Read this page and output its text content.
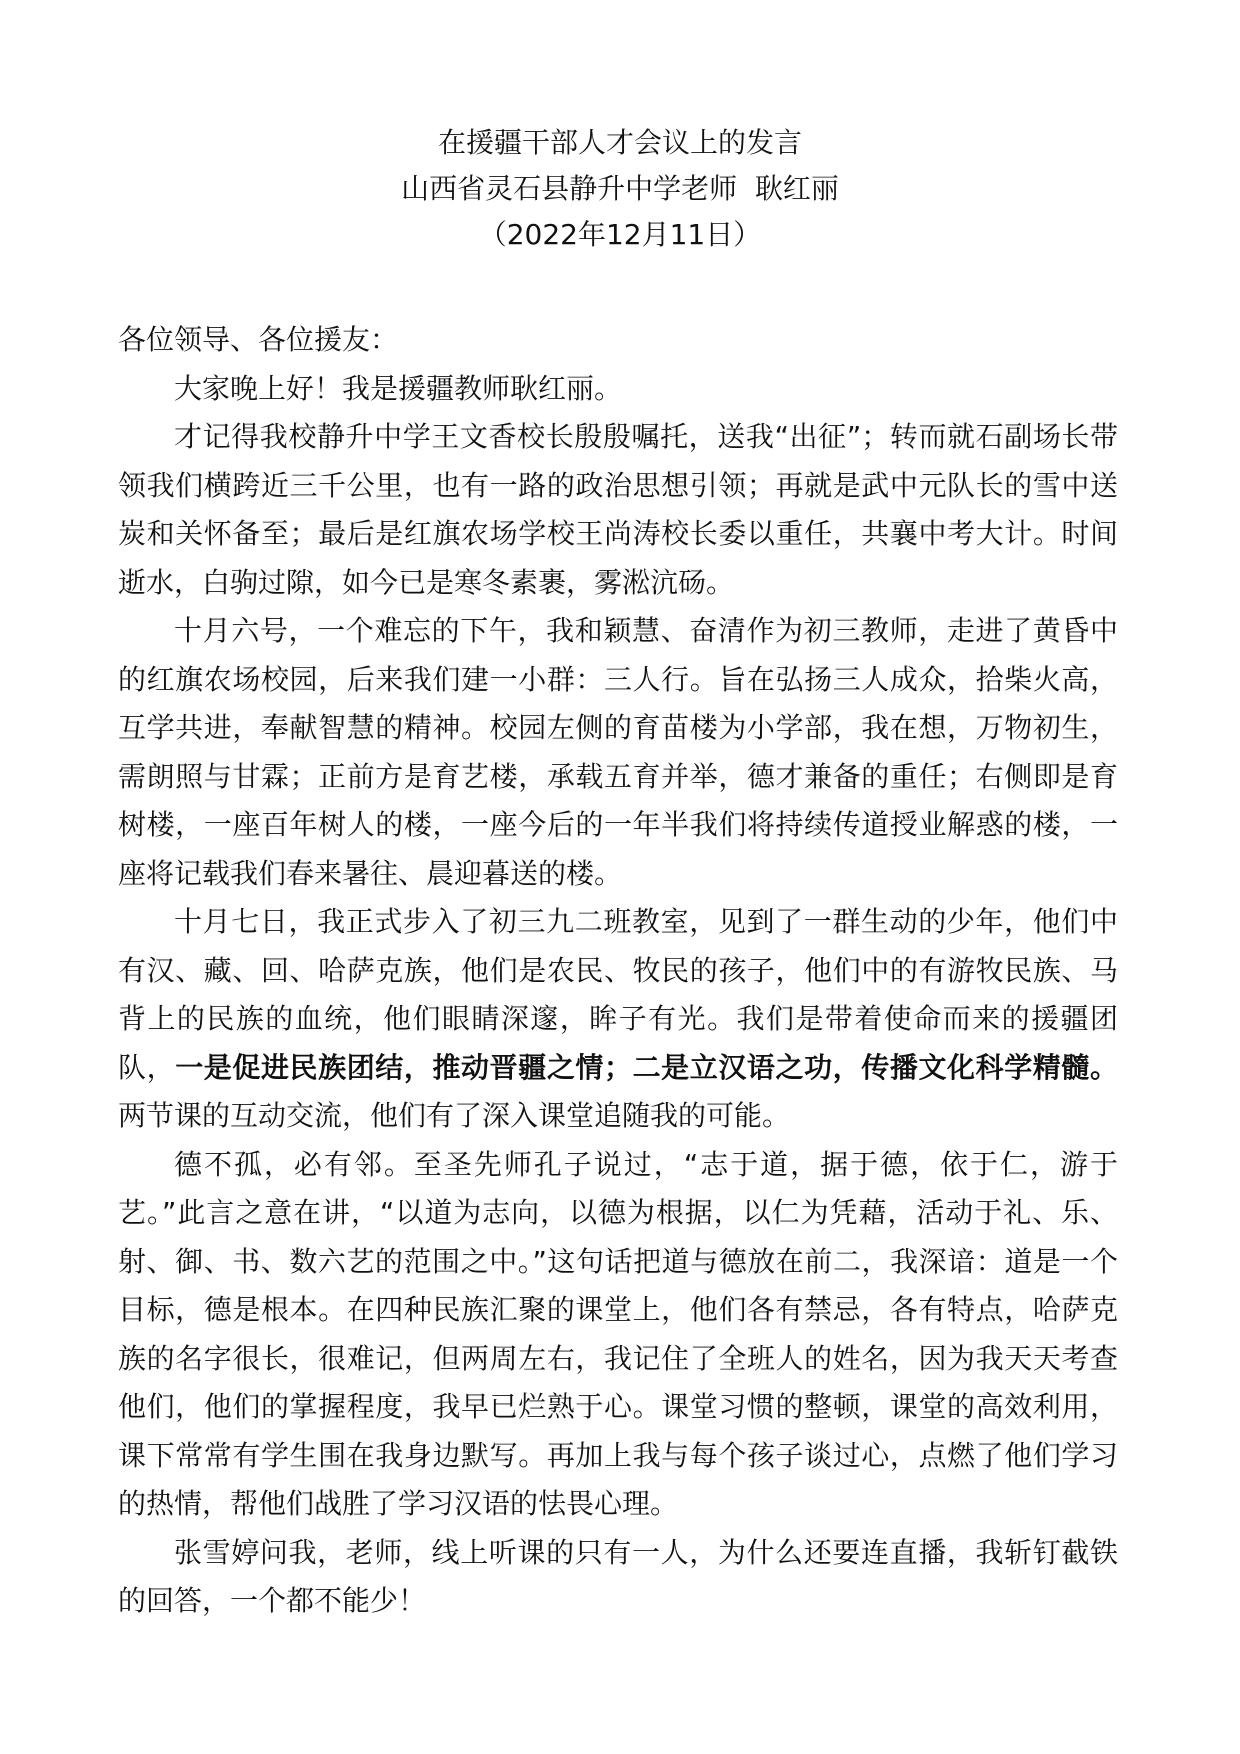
在援疆干部人才会议上的发言
山西省灵石县静升中学老师  耿红丽
（2022年12月11日）

各位领导、各位援友：

大家晚上好！我是援疆教师耿红丽。

才记得我校静升中学王文香校长殷殷嘱托，送我“出征”；转而就石副场长带领我们横跨近三千公里，也有一路的政治思想引领；再就是武中元队长的雪中送炭和关怀备至；最后是红旗农场学校王尚涛校长委以重任，共襄中考大计。时间逝水，白驹过隙，如今已是寒冬素裹，雾淞沆砀。

十月六号，一个难忘的下午，我和颖慧、奋清作为初三教师，走进了黄昏中的红旗农场校园，后来我们建一小群：三人行。旨在弘扬三人成众，拾柴火高，互学共进，奉献智慧的精神。校园左侧的育苗楼为小学部，我在想，万物初生，需朗照与甘霖；正前方是育艺楼，承载五育并举，德才兼备的重任；右侧即是育树楼，一座百年树人的楼，一座今后的一年半我们将持续传道授业解惑的楼，一座将记载我们春来暑往、晨迎暮送的楼。

十月七日，我正式步入了初三九二班教室，见到了一群生动的少年，他们中有汉、藏、回、哈萨克族，他们是农民、牧民的孩子，他们中的有游牧民族、马背上的民族的血统，他们眼睛深邃，眸子有光。我们是带着使命而来的援疆团队，一是促进民族团结，推动晋疆之情；二是立汉语之功，传播文化科学精髓。两节课的互动交流，他们有了深入课堂追随我的可能。

德不孤，必有邻。至圣先师孔子说过，“志于道，据于德，依于仁，游于艺。”此言之意在讲，“以道为志向，以德为根据，以仁为凭藉，活动于礼、乐、射、御、书、数六艺的范围之中。”这句话把道与德放在前二，我深谙：道是一个目标，德是根本。在四种民族汇聚的课堂上，他们各有禁忌，各有特点，哈萨克族的名字很长，很难记，但两周左右，我记住了全班人的姓名，因为我天天考查他们，他们的掌握程度，我早已烂熟于心。课堂习惯的整顿，课堂的高效利用，课下常常有学生围在我身边默写。再加上我与每个孩子谈过心，点燃了他们学习的热情，帮他们战胜了学习汉语的怯畏心理。

张雪婷问我，老师，线上听课的只有一人，为什么还要连直播，我斩钉截铁的回答，一个都不能少！
